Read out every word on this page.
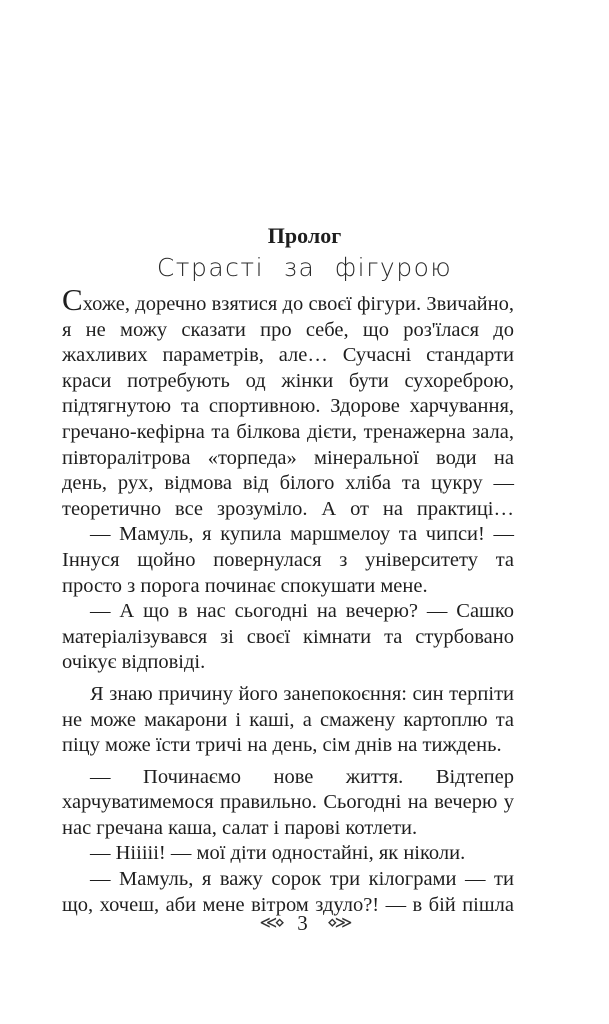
Пролог
Страсті за фігурою

Схоже, доречно взятися до своєї фігури. Звичайно, я не можу сказати про себе, що роз'їлася до жахливих параметрів, але… Сучасні стандарти краси потребують од жінки бути сухореброю, підтягнутою та спортивною. Здорове харчування, гречано-кефірна та білкова дієти, тренажерна зала, півторалітрова «торпеда» мінеральної води на день, рух, відмова від білого хліба та цукру — теоретично все зрозуміло. А от на практиці…

— Мамуль, я купила маршмелоу та чипси! — Іннуся щойно повернулася з університету та просто з порога починає спокушати мене.

— А що в нас сьогодні на вечерю? — Сашко матеріалізувався зі своєї кімнати та стурбовано очікує відповіді.

Я знаю причину його занепокоєння: син терпіти не може макарони і каші, а смажену картоплю та піцу може їсти тричі на день, сім днів на тиждень.

— Починаємо нове життя. Відтепер харчуватимемося правильно. Сьогодні на вечерю у нас гречана каша, салат і парові котлети.

— Нііііі! — мої діти одностайні, як ніколи.

— Мамуль, я важу сорок три кілограми — ти що, хочеш, аби мене вітром здуло?! — в бій пішла

≪⋄ 3 ⋄≫
